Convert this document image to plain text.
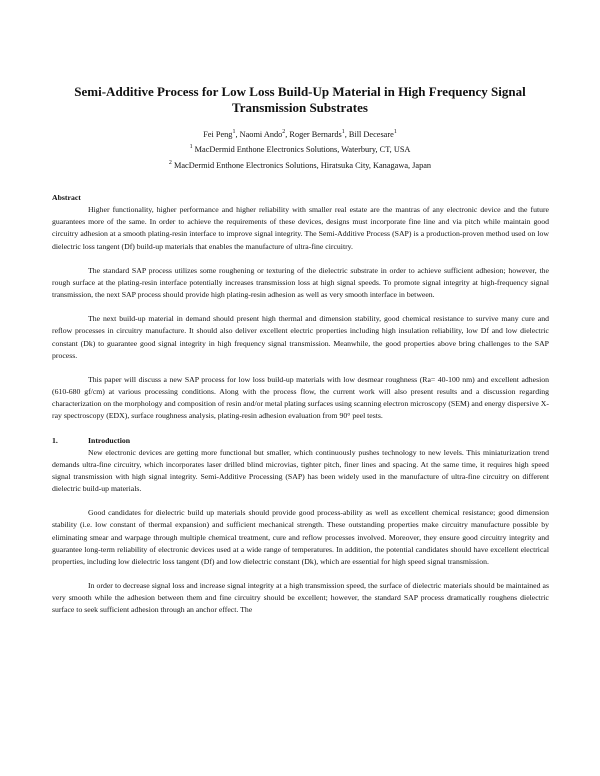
Semi-Additive Process for Low Loss Build-Up Material in High Frequency Signal
Transmission Substrates
Fei Peng$^1$, Naomi Ando$^2$, Roger Bernards$^1$, Bill Decesare$^1$
$^1$ MacDermid Enthone Electronics Solutions, Waterbury, CT, USA
$^2$ MacDermid Enthone Electronics Solutions, Hiratsuka City, Kanagawa, Japan
Abstract

Higher functionality, higher performance and higher reliability with smaller real estate are the mantras of any electronic device and the future guarantees more of the same. In order to achieve the requirements of these devices, designs must incorporate fine line and via pitch while maintain good circuitry adhesion at a smooth plating-resin interface to improve signal integrity. The Semi-Additive Process (SAP) is a production-proven method used on low dielectric loss tangent (Df) build-up materials that enables the manufacture of ultra-fine circuitry.

The standard SAP process utilizes some roughening or texturing of the dielectric substrate in order to achieve sufficient adhesion; however, the rough surface at the plating-resin interface potentially increases transmission loss at high signal speeds. To promote signal integrity at high-frequency signal transmission, the next SAP process should provide high plating-resin adhesion as well as very smooth interface in between.

The next build-up material in demand should present high thermal and dimension stability, good chemical resistance to survive many cure and reflow processes in circuitry manufacture. It should also deliver excellent electric properties including high insulation reliability, low Df and low dielectric constant (Dk) to guarantee good signal integrity in high frequency signal transmission. Meanwhile, the good properties above bring challenges to the SAP process.

This paper will discuss a new SAP process for low loss build-up materials with low desmear roughness (Ra= 40-100 nm) and excellent adhesion (610-680 gf/cm) at various processing conditions. Along with the process flow, the current work will also present results and a discussion regarding characterization on the morphology and composition of resin and/or metal plating surfaces using scanning electron microscopy (SEM) and energy dispersive X-ray spectroscopy (EDX), surface roughness analysis, plating-resin adhesion evaluation from 90° peel tests.

1.	Introduction

New electronic devices are getting more functional but smaller, which continuously pushes technology to new levels. This miniaturization trend demands ultra-fine circuitry, which incorporates laser drilled blind microvias, tighter pitch, finer lines and spacing. At the same time, it requires high speed signal transmission with high signal integrity. Semi-Additive Processing (SAP) has been widely used in the manufacture of ultra-fine circuitry on different dielectric build-up materials.

Good candidates for dielectric build up materials should provide good process-ability as well as excellent chemical resistance; good dimension stability (i.e. low constant of thermal expansion) and sufficient mechanical strength. These outstanding properties make circuitry manufacture possible by eliminating smear and warpage through multiple chemical treatment, cure and reflow processes involved. Moreover, they ensure good circuitry integrity and guarantee long-term reliability of electronic devices used at a wide range of temperatures. In addition, the potential candidates should have excellent electrical properties, including low dielectric loss tangent (Df) and low dielectric constant (Dk), which are essential for high speed signal transmission.

In order to decrease signal loss and increase signal integrity at a high transmission speed, the surface of dielectric materials should be maintained as very smooth while the adhesion between them and fine circuitry should be excellent; however, the standard SAP process dramatically roughens dielectric surface to seek sufficient adhesion through an anchor effect. The
